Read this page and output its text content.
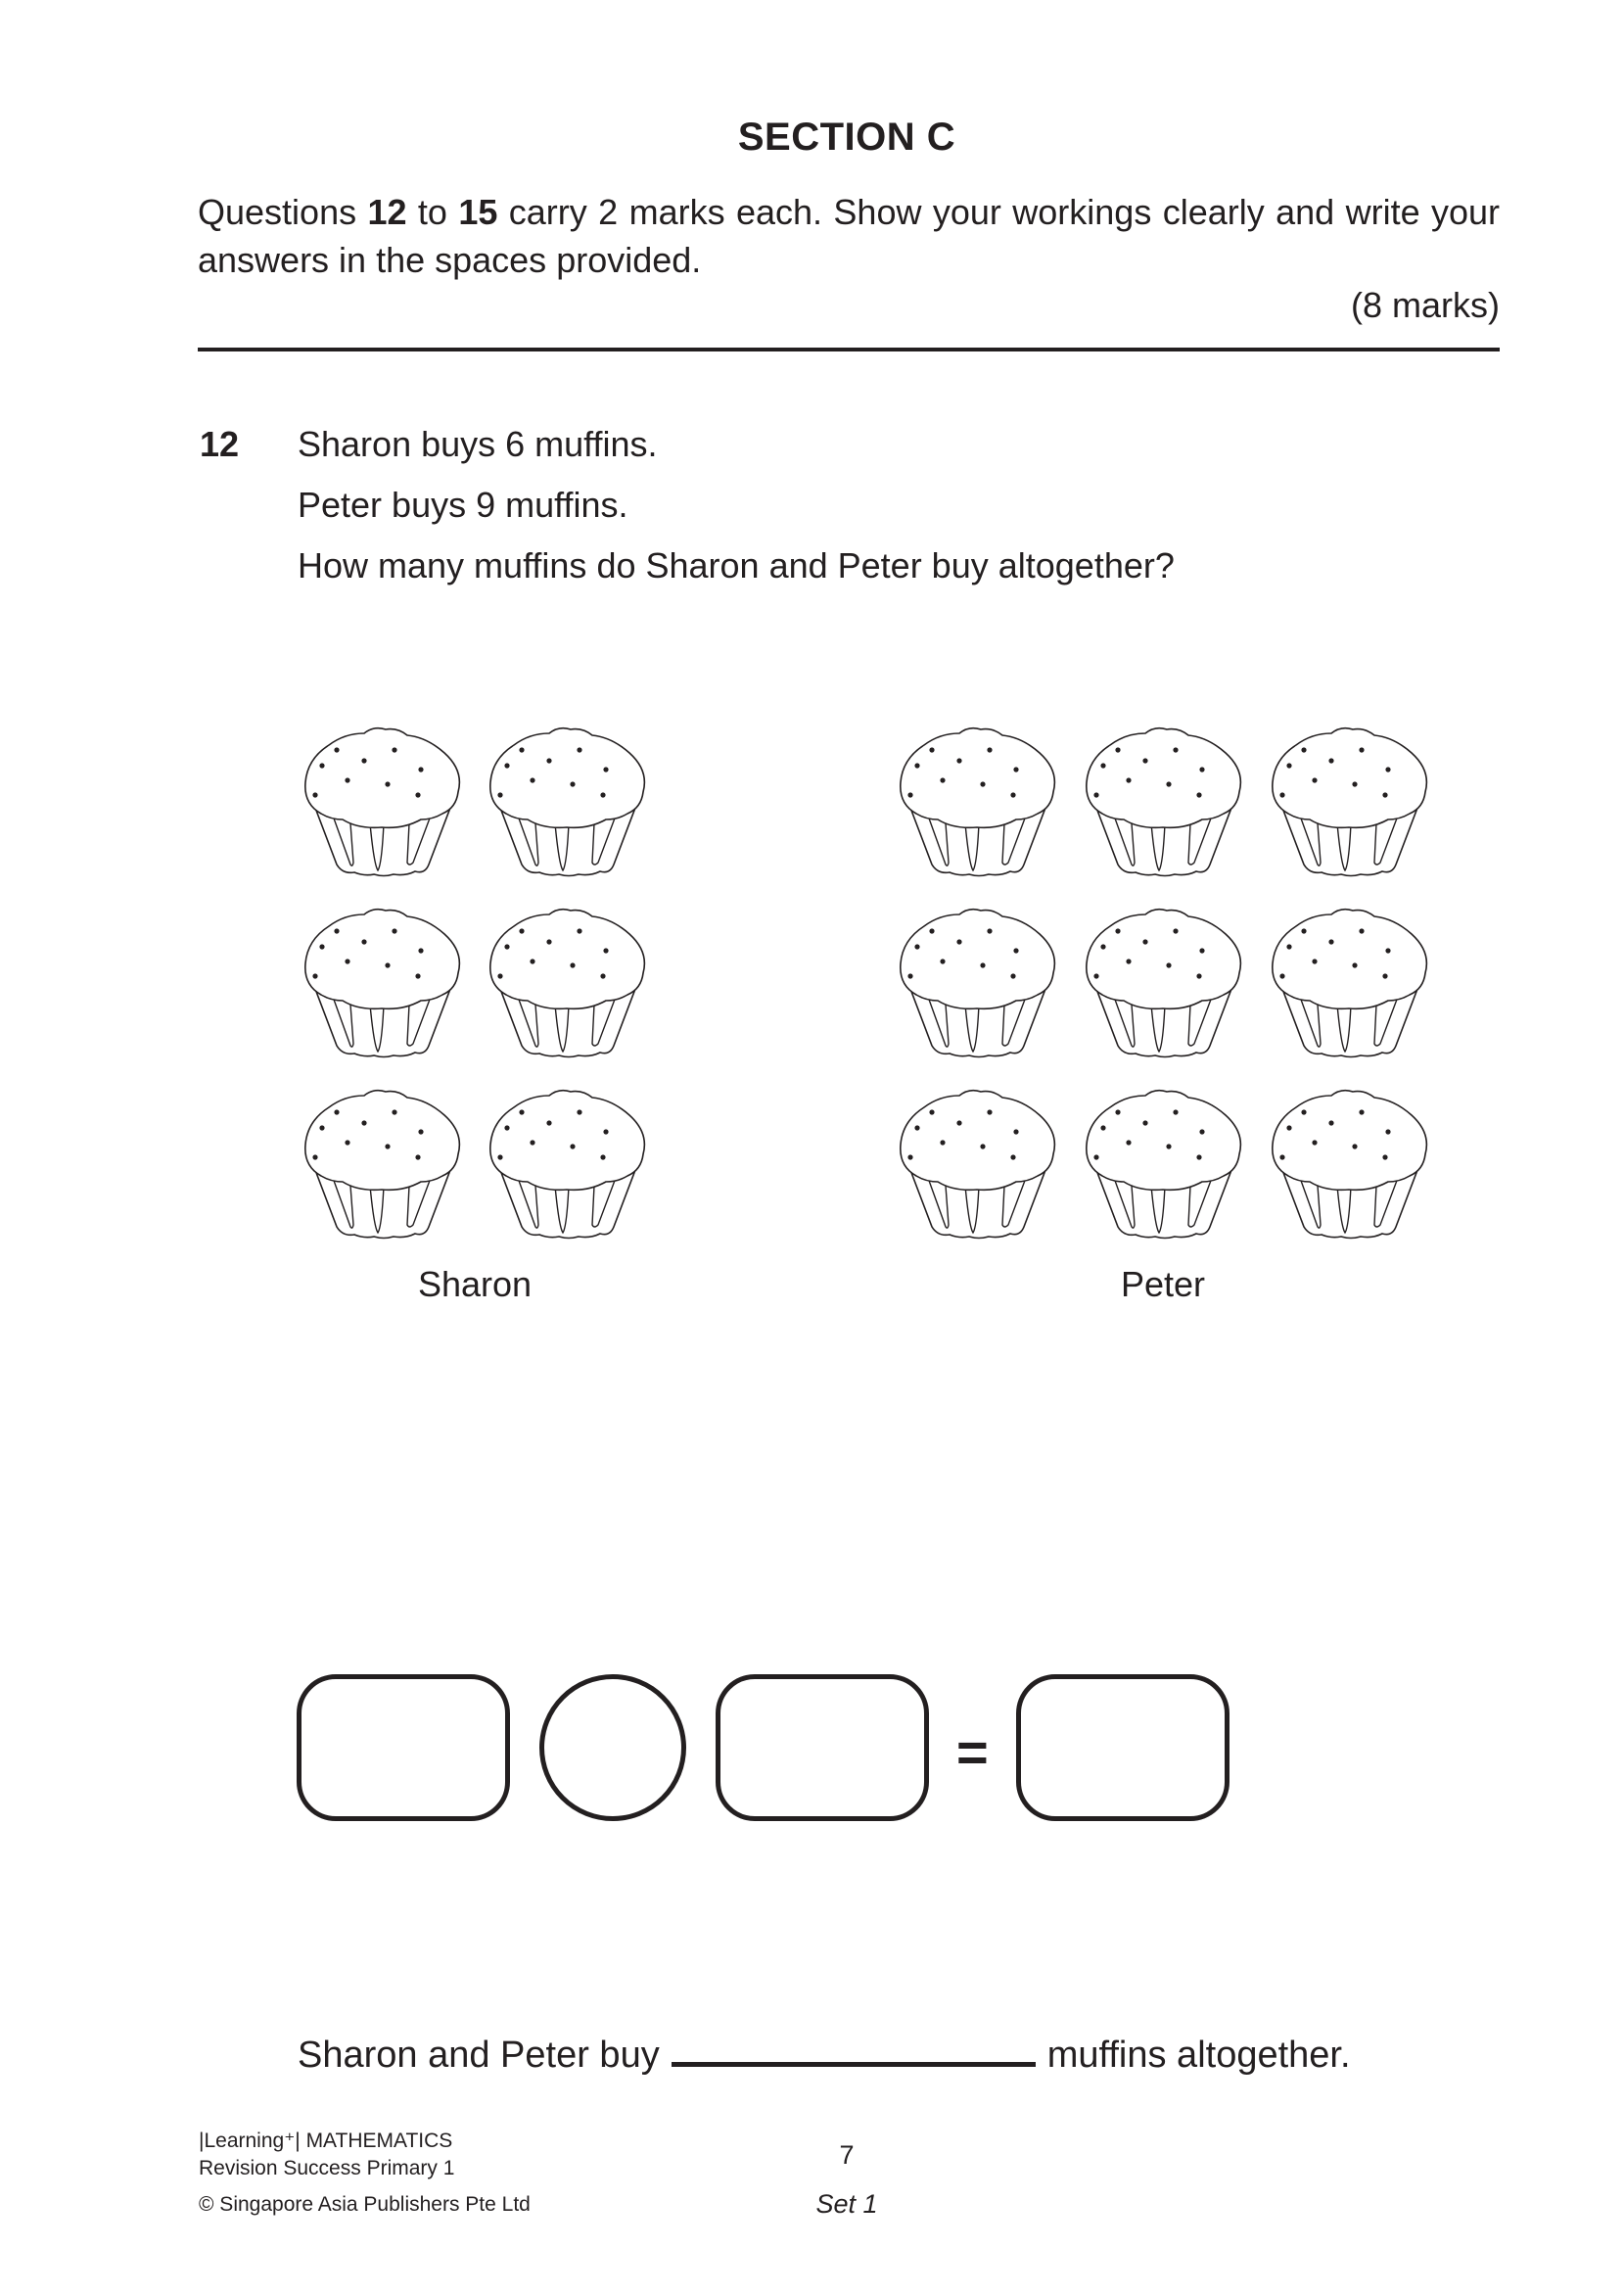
SECTION C
Questions 12 to 15 carry 2 marks each. Show your workings clearly and write your answers in the spaces provided.
(8 marks)
12 Sharon buys 6 muffins.
Peter buys 9 muffins.
How many muffins do Sharon and Peter buy altogether?
Sharon	Peter
=
Sharon and Peter buy	muffins altogether.
|Learning⁺| MATHEMATICS
Revision Success Primary 1
© Singapore Asia Publishers Pte Ltd
7
Set 1
